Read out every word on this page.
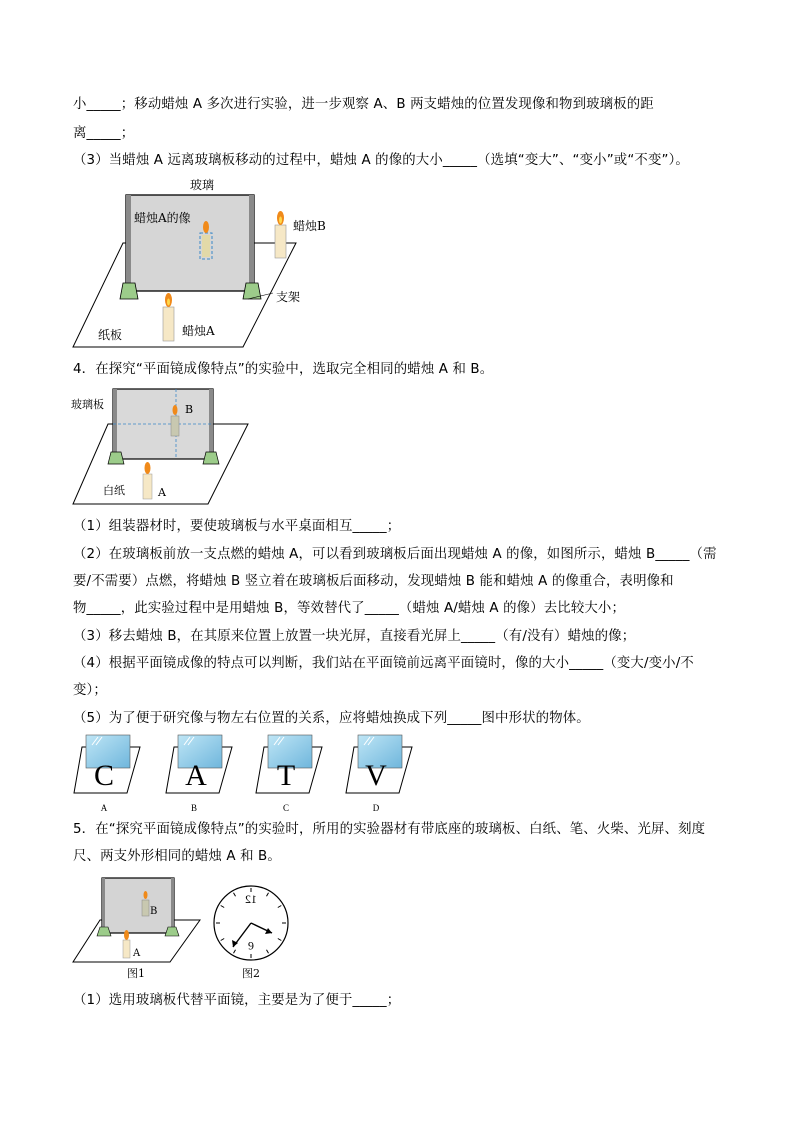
小_____；移动蜡烛 A 多次进行实验，进一步观察 A、B 两支蜡烛的位置发现像和物到玻璃板的距
离_____；
（3）当蜡烛 A 远离玻璃板移动的过程中，蜡烛 A 的像的大小_____（选填“变大”、“变小”或“不变”）。
玻璃
蜡烛A的像
蜡烛B
支架
纸板	蜡烛A
4．在探究“平面镜成像特点”的实验中，选取完全相同的蜡烛 A 和 B。
玻璃板	B
白纸	A
（1）组装器材时，要使玻璃板与水平桌面相互_____；
（2）在玻璃板前放一支点燃的蜡烛 A，可以看到玻璃板后面出现蜡烛 A 的像，如图所示，蜡烛 B_____（需
要/不需要）点燃，将蜡烛 B 竖立着在玻璃板后面移动，发现蜡烛 B 能和蜡烛 A 的像重合，表明像和
物_____，此实验过程中是用蜡烛 B，等效替代了_____（蜡烛 A/蜡烛 A 的像）去比较大小；
（3）移去蜡烛 B，在其原来位置上放置一块光屏，直接看光屏上_____（有/没有）蜡烛的像；
（4）根据平面镜成像的特点可以判断，我们站在平面镜前远离平面镜时，像的大小_____（变大/变小/不
变）；
（5）为了便于研究像与物左右位置的关系，应将蜡烛换成下列_____图中形状的物体。
C
A
A
B
T
C
V
D
5．在“探究平面镜成像特点”的实验时，所用的实验器材有带底座的玻璃板、白纸、笔、火柴、光屏、刻度
尺、两支外形相同的蜡烛 A 和 B。
B
A
图1
12
6
图2
（1）选用玻璃板代替平面镜，主要是为了便于_____；
